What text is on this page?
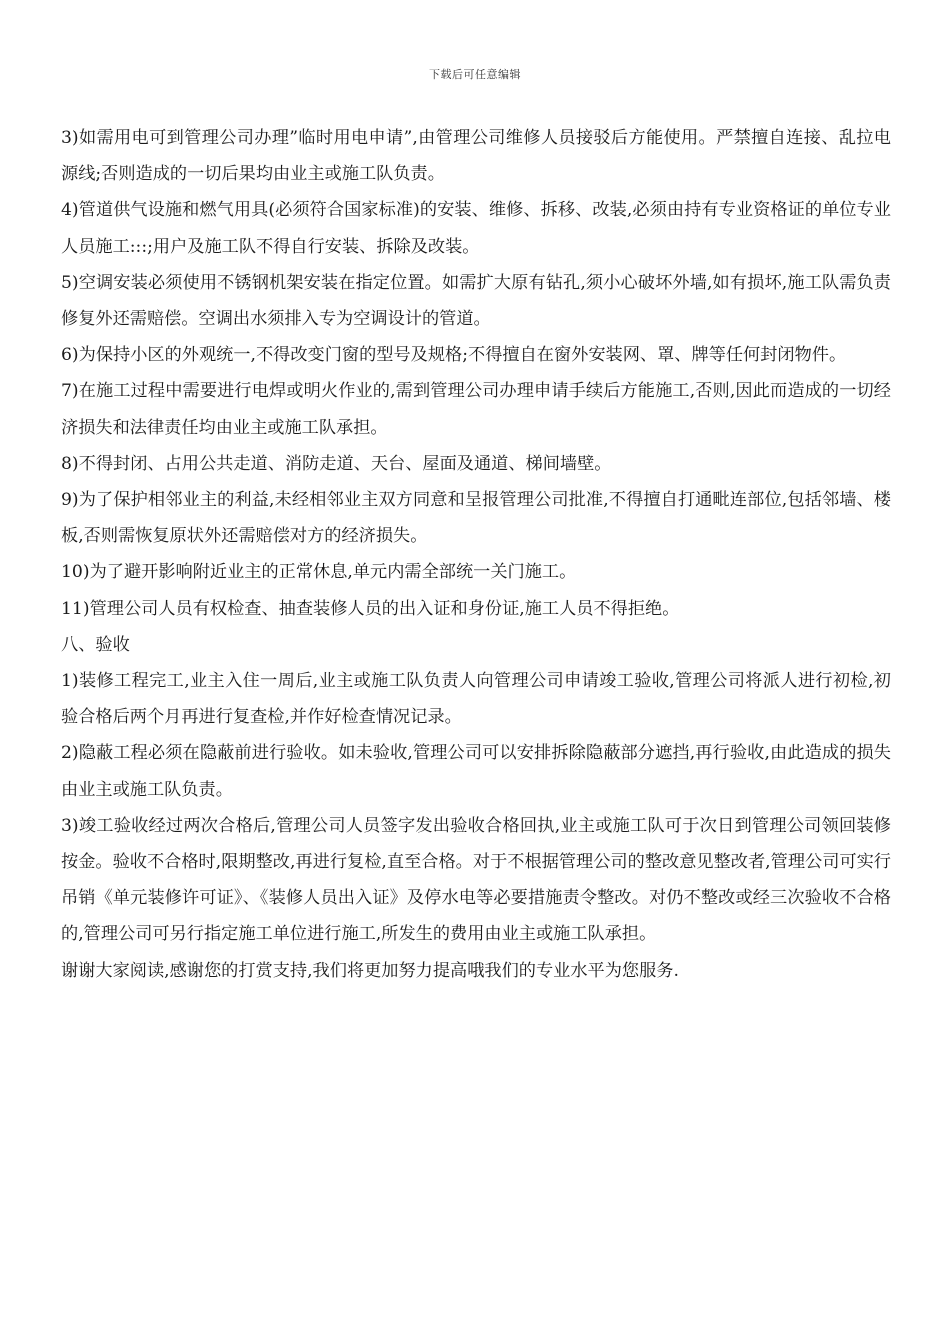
下载后可任意编辑

3)如需用电可到管理公司办理”临时用电申请”,由管理公司维修人员接驳后方能使用。严禁擅自连接、乱拉电源线;否则造成的一切后果均由业主或施工队负责。

4)管道供气设施和燃气用具(必须符合国家标准)的安装、维修、拆移、改装,必须由持有专业资格证的单位专业人员施工:::;用户及施工队不得自行安装、拆除及改装。

5)空调安装必须使用不锈钢机架安装在指定位置。如需扩大原有钻孔,须小心破坏外墙,如有损坏,施工队需负责修复外还需赔偿。空调出水须排入专为空调设计的管道。

6)为保持小区的外观统一,不得改变门窗的型号及规格;不得擅自在窗外安装网、罩、牌等任何封闭物件。

7)在施工过程中需要进行电焊或明火作业的,需到管理公司办理申请手续后方能施工,否则,因此而造成的一切经济损失和法律责任均由业主或施工队承担。

8)不得封闭、占用公共走道、消防走道、天台、屋面及通道、梯间墙壁。

9)为了保护相邻业主的利益,未经相邻业主双方同意和呈报管理公司批准,不得擅自打通毗连部位,包括邻墙、楼板,否则需恢复原状外还需赔偿对方的经济损失。

10)为了避开影响附近业主的正常休息,单元内需全部统一关门施工。

11)管理公司人员有权检查、抽查装修人员的出入证和身份证,施工人员不得拒绝。

八、验收

1)装修工程完工,业主入住一周后,业主或施工队负责人向管理公司申请竣工验收,管理公司将派人进行初检,初验合格后两个月再进行复查检,并作好检查情况记录。

2)隐蔽工程必须在隐蔽前进行验收。如未验收,管理公司可以安排拆除隐蔽部分遮挡,再行验收,由此造成的损失由业主或施工队负责。

3)竣工验收经过两次合格后,管理公司人员签字发出验收合格回执,业主或施工队可于次日到管理公司领回装修按金。验收不合格时,限期整改,再进行复检,直至合格。对于不根据管理公司的整改意见整改者,管理公司可实行吊销《单元装修许可证》、《装修人员出入证》及停水电等必要措施责令整改。对仍不整改或经三次验收不合格的,管理公司可另行指定施工单位进行施工,所发生的费用由业主或施工队承担。

谢谢大家阅读,感谢您的打赏支持,我们将更加努力提高哦我们的专业水平为您服务.
